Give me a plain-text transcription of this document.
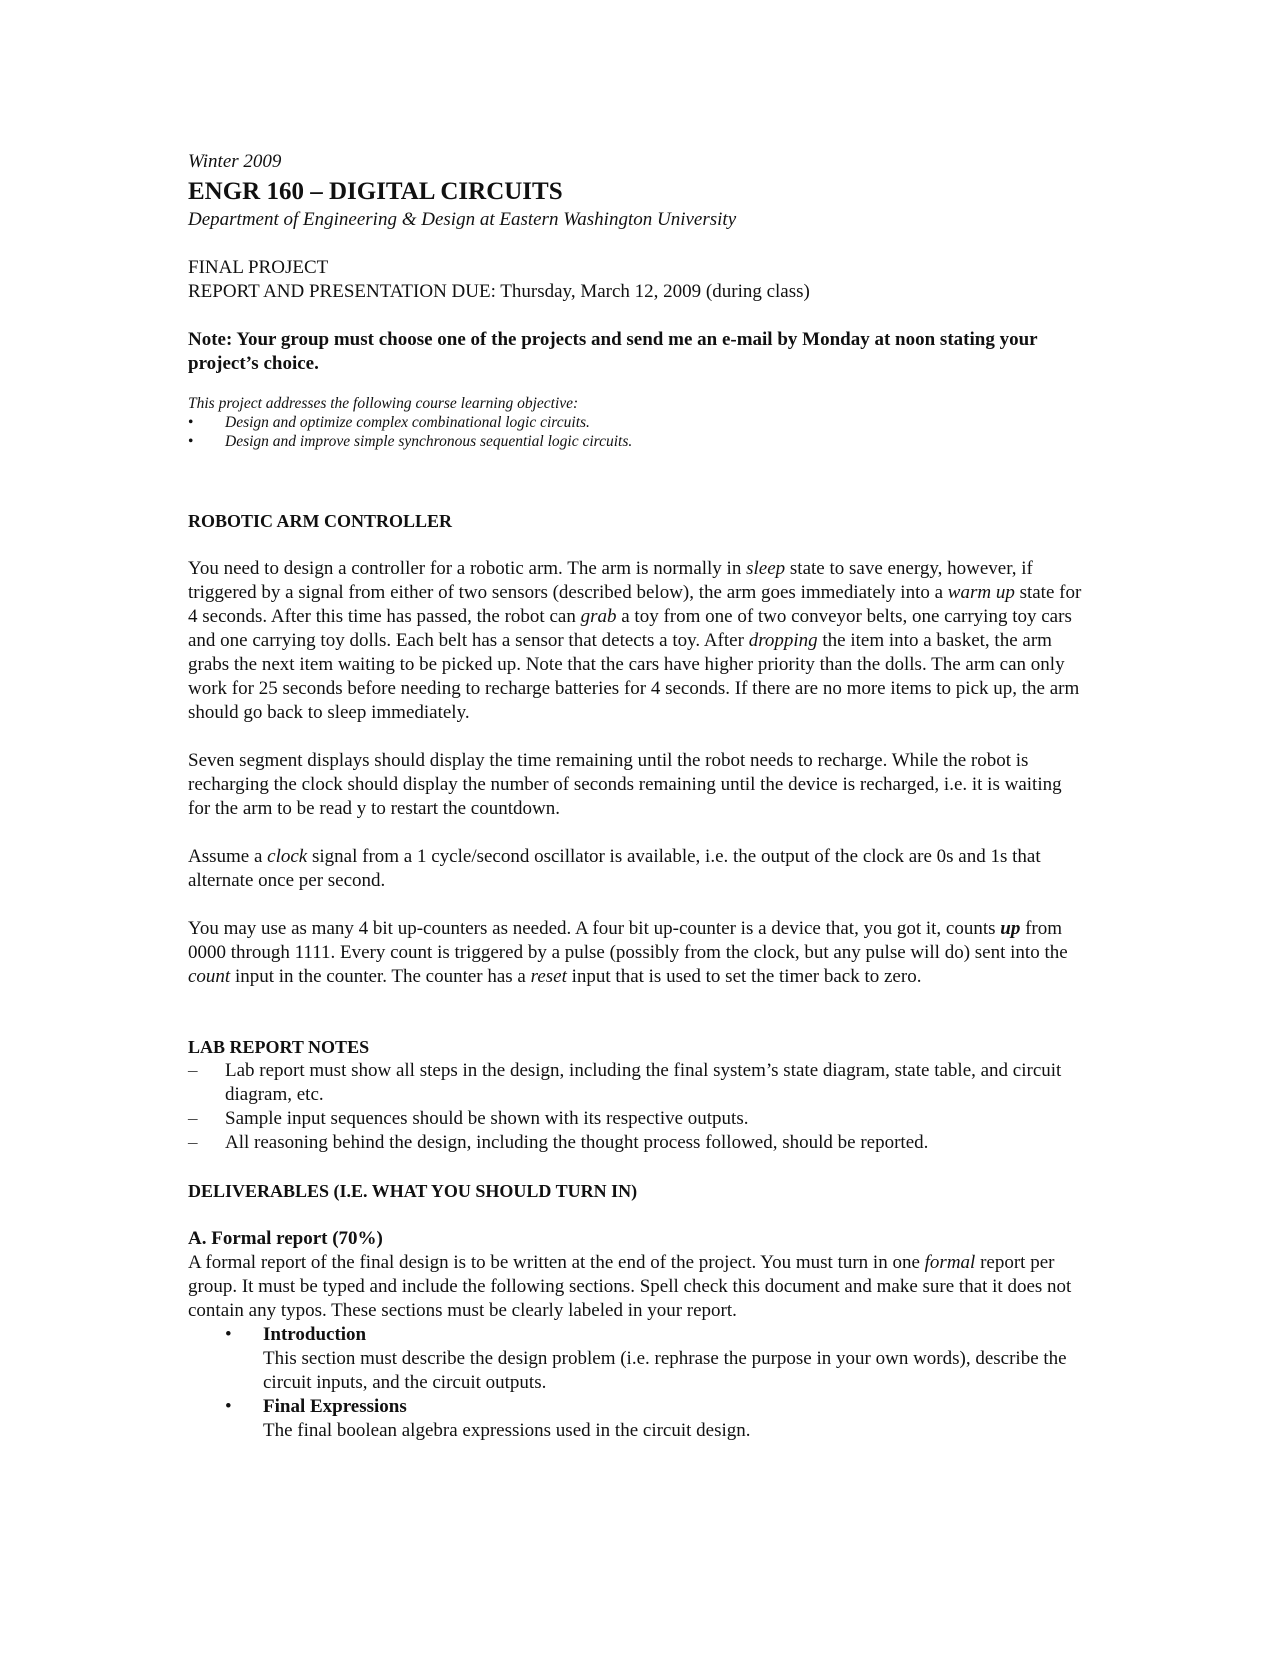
Winter 2009
ENGR 160 – DIGITAL CIRCUITS
Department of Engineering & Design at Eastern Washington University
FINAL PROJECT
REPORT AND PRESENTATION DUE: Thursday, March 12, 2009 (during class)

Note: Your group must choose one of the projects and send me an e-mail by Monday at noon stating your project’s choice.

This project addresses the following course learning objective:
•	Design and optimize complex combinational logic circuits.
•	Design and improve simple synchronous sequential logic circuits.
ROBOTIC ARM CONTROLLER

You need to design a controller for a robotic arm. The arm is normally in sleep state to save energy, however, if triggered by a signal from either of two sensors (described below), the arm goes immediately into a warm up state for 4 seconds. After this time has passed, the robot can grab a toy from one of two conveyor belts, one carrying toy cars and one carrying toy dolls. Each belt has a sensor that detects a toy. After dropping the item into a basket, the arm grabs the next item waiting to be picked up. Note that the cars have higher priority than the dolls. The arm can only work for 25 seconds before needing to recharge batteries for 4 seconds. If there are no more items to pick up, the arm should go back to sleep immediately.

Seven segment displays should display the time remaining until the robot needs to recharge. While the robot is recharging the clock should display the number of seconds remaining until the device is recharged, i.e. it is waiting for the arm to be read y to restart the countdown.

Assume a clock signal from a 1 cycle/second oscillator is available, i.e. the output of the clock are 0s and 1s that alternate once per second.

You may use as many 4 bit up-counters as needed. A four bit up-counter is a device that, you got it, counts up from 0000 through 1111. Every count is triggered by a pulse (possibly from the clock, but any pulse will do) sent into the count input in the counter. The counter has a reset input that is used to set the timer back to zero.

LAB REPORT NOTES
–	Lab report must show all steps in the design, including the final system’s state diagram, state table, and circuit diagram, etc.
–	Sample input sequences should be shown with its respective outputs.
–	All reasoning behind the design, including the thought process followed, should be reported.
DELIVERABLES (I.E. WHAT YOU SHOULD TURN IN)
A. Formal report (70%)

A formal report of the final design is to be written at the end of the project. You must turn in one formal report per group. It must be typed and include the following sections. Spell check this document and make sure that it does not contain any typos. These sections must be clearly labeled in your report.

•	Introduction
This section must describe the design problem (i.e. rephrase the purpose in your own words), describe the circuit inputs, and the circuit outputs.
•	Final Expressions
The final boolean algebra expressions used in the circuit design.
